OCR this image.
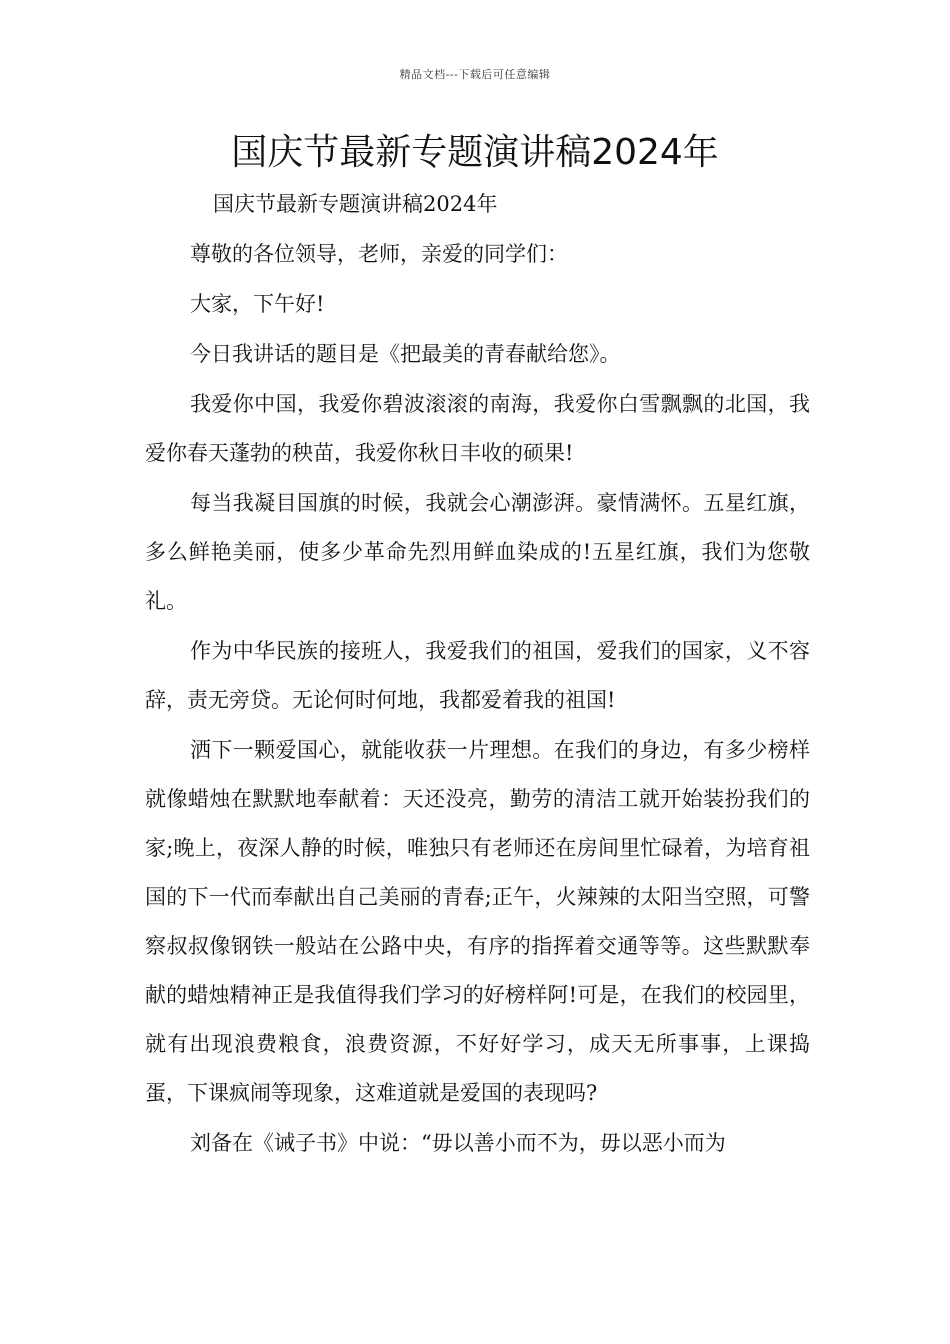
精品文档---下载后可任意编辑
国庆节最新专题演讲稿2024年

国庆节最新专题演讲稿2024年

尊敬的各位领导，老师，亲爱的同学们：

大家，下午好!

今日我讲话的题目是《把最美的青春献给您》。

我爱你中国，我爱你碧波滚滚的南海，我爱你白雪飘飘的北国，我爱你春天蓬勃的秧苗，我爱你秋日丰收的硕果!

每当我凝目国旗的时候，我就会心潮澎湃。豪情满怀。五星红旗，多么鲜艳美丽，使多少革命先烈用鲜血染成的!五星红旗，我们为您敬礼。

作为中华民族的接班人，我爱我们的祖国，爱我们的国家，义不容辞，责无旁贷。无论何时何地，我都爱着我的祖国!

洒下一颗爱国心，就能收获一片理想。在我们的身边，有多少榜样就像蜡烛在默默地奉献着：天还没亮，勤劳的清洁工就开始装扮我们的家;晚上，夜深人静的时候，唯独只有老师还在房间里忙碌着，为培育祖国的下一代而奉献出自己美丽的青春;正午，火辣辣的太阳当空照，可警察叔叔像钢铁一般站在公路中央，有序的指挥着交通等等。这些默默奉献的蜡烛精神正是我值得我们学习的好榜样阿!可是，在我们的校园里，就有出现浪费粮食，浪费资源，不好好学习，成天无所事事，上课捣蛋，下课疯闹等现象，这难道就是爱国的表现吗?

刘备在《诫子书》中说：“毋以善小而不为，毋以恶小而为
